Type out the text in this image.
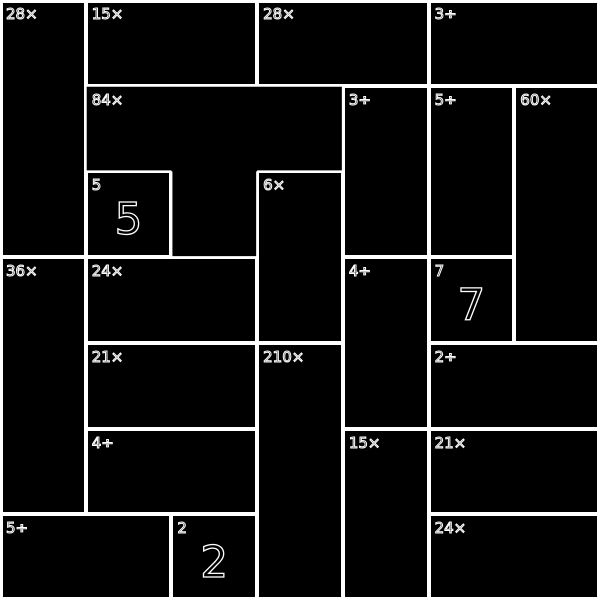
28×	15×	28×	3÷
84×	3÷	5÷	60×
5
5
6×
36×	24×	4÷	7
7
21×	210×	2÷
4÷	15×	21×
5÷	2
2
24×
